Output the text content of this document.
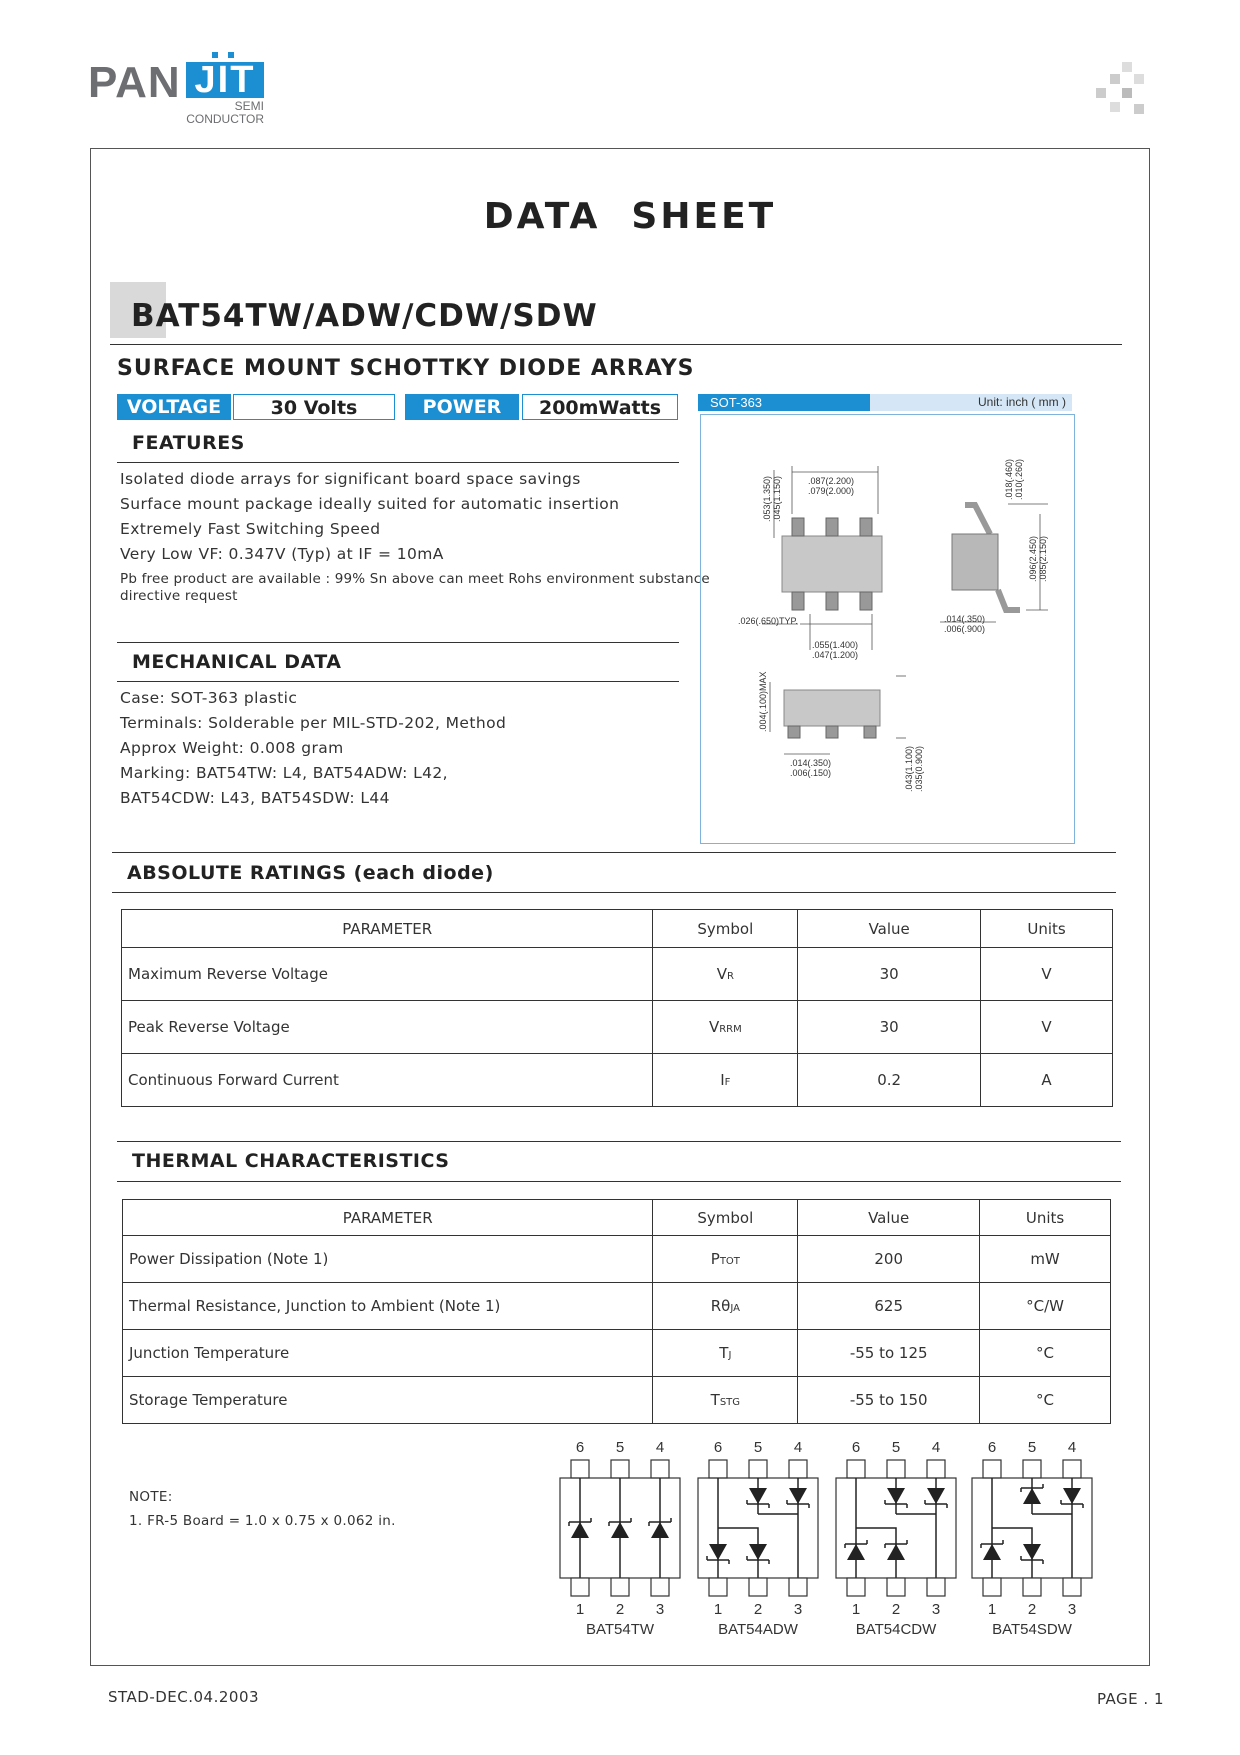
PAN JIT
SEMI
CONDUCTOR
DATA  SHEET
BAT54TW/ADW/CDW/SDW
SURFACE MOUNT SCHOTTKY DIODE ARRAYS
VOLTAGE	30 Volts	POWER	200mWatts
FEATURES
Isolated diode arrays for significant board space savings
Surface mount package ideally suited for automatic insertion
Extremely Fast Switching Speed
Very Low VF: 0.347V (Typ) at IF = 10mA
Pb free product are available : 99% Sn above can meet Rohs environment substance
directive request
MECHANICAL DATA
Case: SOT-363 plastic
Terminals: Solderable per MIL-STD-202, Method
Approx Weight: 0.008 gram
Marking: BAT54TW: L4, BAT54ADW: L42,
BAT54CDW: L43, BAT54SDW: L44
SOT-363	Unit: inch ( mm )
.087(2.200)
.079(2.000)
.053(1.350) .045(1.150)
.026(.650)TYP.
.055(1.400)
.047(1.200)
.018(.460) .010(.260)
.096(2.450) .085(2.150)
.014(.350)
.006(.900)
.004(.100)MAX
.014(.350)
.006(.150)	.043(1.100) .035(0.900)
ABSOLUTE RATINGS (each diode)
PARAMETER	Symbol	Value	Units
Maximum Reverse Voltage	VR	30	V
Peak Reverse Voltage	VRRM	30	V
Continuous Forward Current	IF	0.2	A
THERMAL CHARACTERISTICS
PARAMETER	Symbol	Value	Units
Power Dissipation (Note 1)	PTOT	200	mW
Thermal Resistance, Junction to Ambient (Note 1)	RθJA	625	°C/W
Junction Temperature	TJ	-55 to 125	°C
Storage Temperature	TSTG	-55 to 150	°C
NOTE:
1. FR-5 Board = 1.0 x 0.75 x 0.062 in.
6 5 4
1 2 3
BAT54TW
6 5 4
1 2 3
BAT54ADW
6 5 4
1 2 3
BAT54CDW
6 5 4
1 2 3
BAT54SDW
STAD-DEC.04.2003	PAGE . 1
